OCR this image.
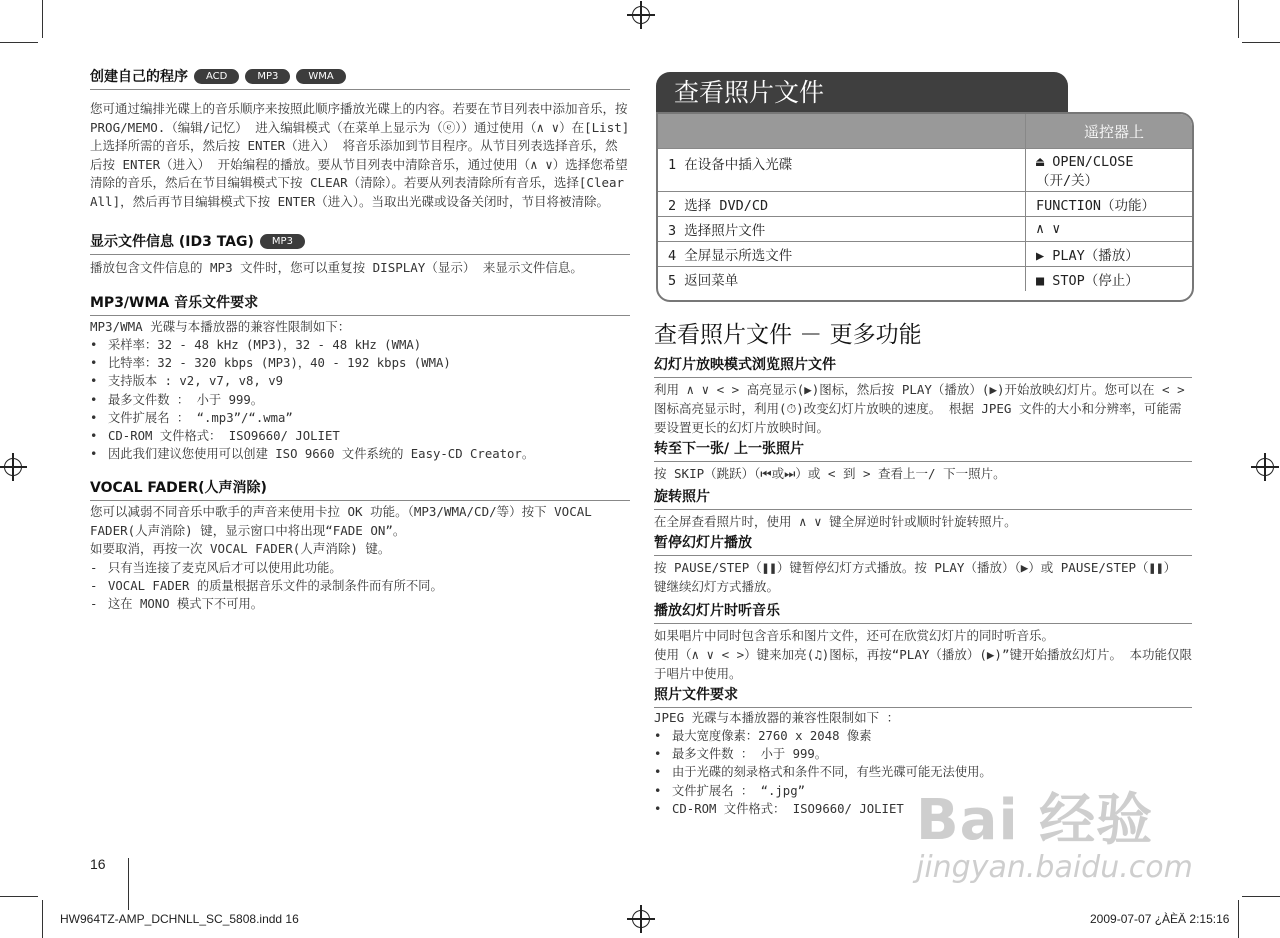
创建自己的程序	ACD	MP3	WMA

您可通过编排光碟上的音乐顺序来按照此顺序播放光碟上的内容。若要在节目列表中添加音乐，按 PROG/MEMO.（编辑/记忆） 进入编辑模式（在菜单上显示为（ⓔ））通过使用（∧ ∨）在[List]上选择所需的音乐，然后按 ENTER（进入） 将音乐添加到节目程序。从节目列表选择音乐，然后按 ENTER（进入） 开始编程的播放。要从节目列表中清除音乐，通过使用（∧ ∨）选择您希望清除的音乐，然后在节目编辑模式下按 CLEAR（清除）。若要从列表清除所有音乐，选择[Clear All]，然后再节目编辑模式下按 ENTER（进入）。当取出光碟或设备关闭时，节目将被清除。

显示文件信息 (ID3 TAG)	MP3

播放包含文件信息的 MP3 文件时，您可以重复按 DISPLAY（显示） 来显示文件信息。

MP3/WMA 音乐文件要求

MP3/WMA 光碟与本播放器的兼容性限制如下：

• 采样率：32 - 48 kHz (MP3)，32 - 48 kHz (WMA)
• 比特率：32 - 320 kbps (MP3)，40 - 192 kbps (WMA)
• 支持版本 : v2, v7, v8, v9
• 最多文件数 ： 小于 999。
• 文件扩展名 ： “.mp3”/“.wma”
• CD-ROM 文件格式： ISO9660/ JOLIET
• 因此我们建议您使用可以创建 ISO 9660 文件系统的 Easy-CD Creator。
VOCAL FADER(人声消除)

您可以减弱不同音乐中歌手的声音来使用卡拉 OK 功能。（MP3/WMA/CD/等）按下 VOCAL FADER(人声消除) 键，显示窗口中将出现“FADE ON”。

如要取消，再按一次 VOCAL FADER(人声消除) 键。

- 只有当连接了麦克风后才可以使用此功能。
- VOCAL FADER 的质量根据音乐文件的录制条件而有所不同。
- 这在 MONO 模式下不可用。
查看照片文件
	遥控器上
1 在设备中插入光碟	⏏ OPEN/CLOSE
（开/关）
2 选择 DVD/CD	FUNCTION（功能）
3 选择照片文件	∧ ∨
4 全屏显示所选文件	▶ PLAY（播放）
5 返回菜单	■ STOP（停止）
查看照片文件 － 更多功能
幻灯片放映模式浏览照片文件

利用 ∧ ∨ < > 高亮显示(▶)图标，然后按 PLAY（播放）(▶)开始放映幻灯片。您可以在 < > 图标高亮显示时，利用(⏱)改变幻灯片放映的速度。 根据 JPEG 文件的大小和分辨率，可能需要设置更长的幻灯片放映时间。

转至下一张/ 上一张照片

按 SKIP（跳跃）（⏮或⏭）或 < 到 > 查看上一/ 下一照片。

旋转照片

在全屏查看照片时，使用 ∧ ∨ 键全屏逆时针或顺时针旋转照片。

暂停幻灯片播放

按 PAUSE/STEP（❚❚）键暂停幻灯方式播放。按 PLAY（播放）（▶）或 PAUSE/STEP（❚❚） 键继续幻灯方式播放。

播放幻灯片时听音乐

如果唱片中同时包含音乐和图片文件，还可在欣赏幻灯片的同时听音乐。

使用（∧ ∨ < >）键来加亮(♫)图标，再按“PLAY（播放）(▶)”键开始播放幻灯片。 本功能仅限于唱片中使用。

照片文件要求

JPEG 光碟与本播放器的兼容性限制如下 ：

• 最大宽度像素：2760 x 2048 像素
• 最多文件数 ： 小于 999。
• 由于光碟的刻录格式和条件不同，有些光碟可能无法使用。
• 文件扩展名 ： “.jpg”
• CD-ROM 文件格式： ISO9660/ JOLIET Bai 经验
jingyan.baidu.com
16
HW964TZ-AMP_DCHNLL_SC_5808.indd 16	2009-07-07 ¿ÀÈÄ 2:15:16
